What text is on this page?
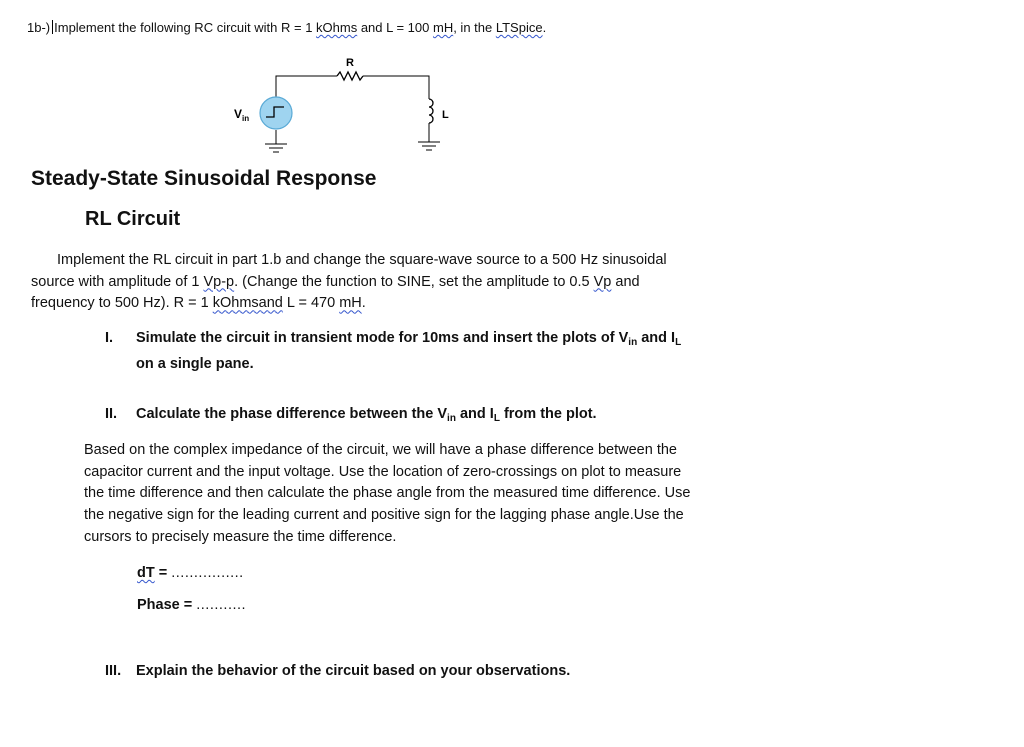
1b-) Implement the following RC circuit with R = 1 kOhms and L = 100 mH, in the LTSpice.
R
$V_{in}$	L
Steady-State Sinusoidal Response
RL Circuit
Implement the RL circuit in part 1.b and change the square-wave source to a 500 Hz sinusoidal
source with amplitude of 1 Vp-p. (Change the function to SINE, set the amplitude to 0.5 Vp and
frequency to 500 Hz). R = 1 kOhmsand L = 470 mH.
I. Simulate the circuit in transient mode for 10ms and insert the plots of $V_{in}$ and $I_L$
on a single pane.
II. Calculate the phase difference between the $V_{in}$ and $I_L$ from the plot.
Based on the complex impedance of the circuit, we will have a phase difference between the
capacitor current and the input voltage. Use the location of zero-crossings on plot to measure
the time difference and then calculate the phase angle from the measured time difference. Use
the negative sign for the leading current and positive sign for the lagging phase angle.Use the
cursors to precisely measure the time difference.
dT = ................
Phase = ...........
III. Explain the behavior of the circuit based on your observations.
